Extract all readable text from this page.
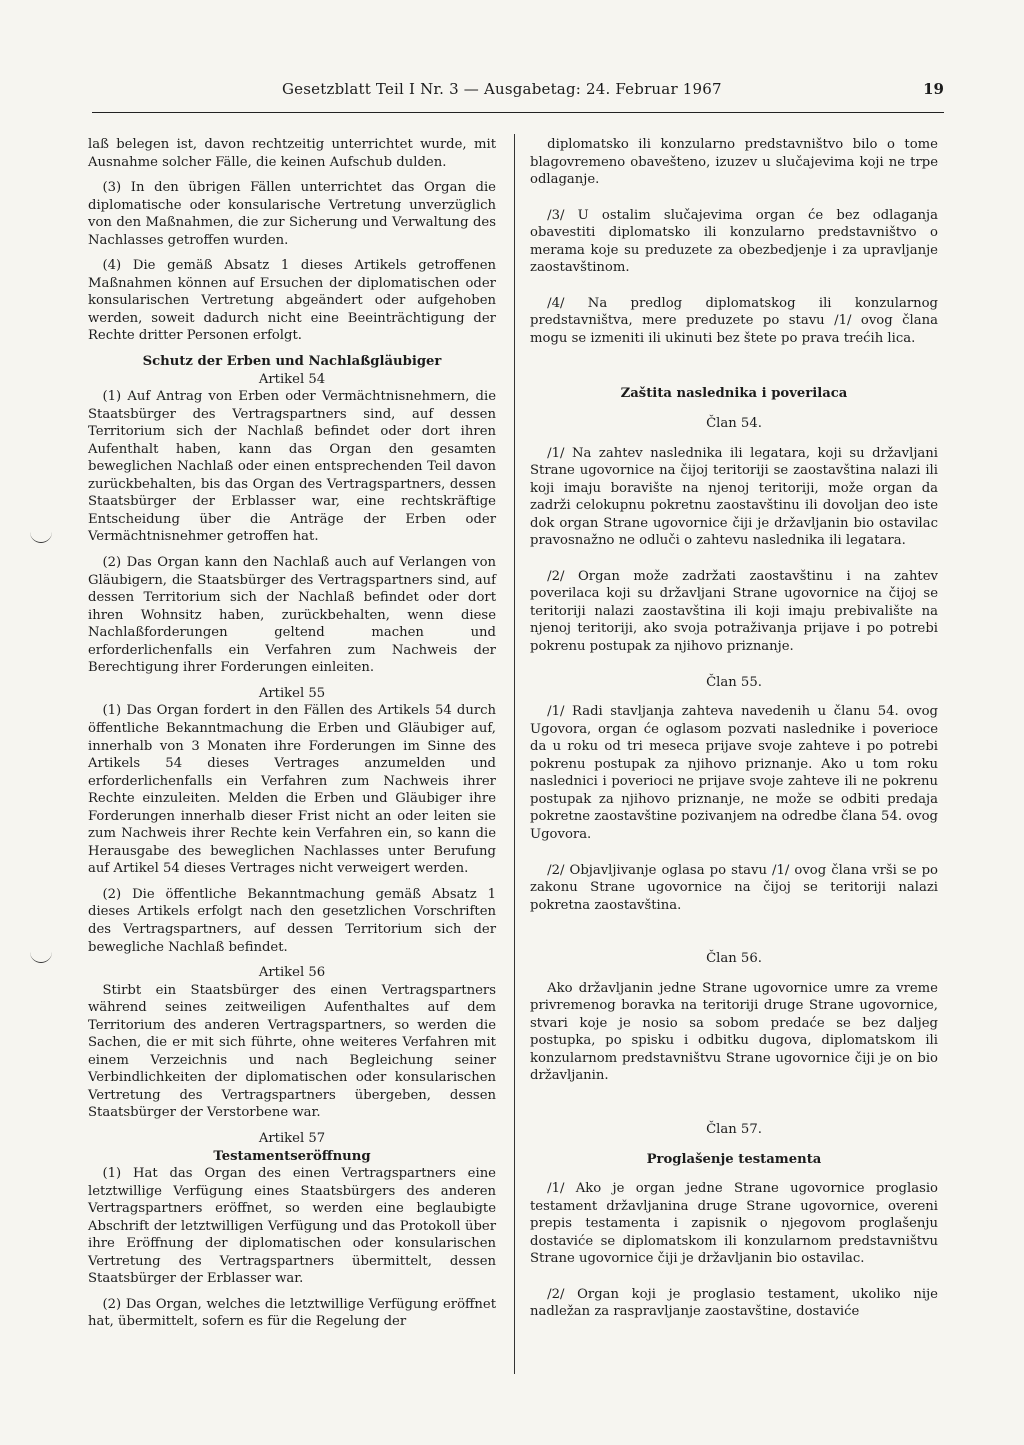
Gesetzblatt Teil I Nr. 3 — Ausgabetag: 24. Februar 1967	19

laß belegen ist, davon rechtzeitig unterrichtet wurde, mit Ausnahme solcher Fälle, die keinen Aufschub dulden.

(3) In den übrigen Fällen unterrichtet das Organ die diplomatische oder konsularische Vertretung unverzüglich von den Maßnahmen, die zur Sicherung und Verwaltung des Nachlasses getroffen wurden.

(4) Die gemäß Absatz 1 dieses Artikels getroffenen Maßnahmen können auf Ersuchen der diplomatischen oder konsularischen Vertretung abgeändert oder aufgehoben werden, soweit dadurch nicht eine Beeinträchtigung der Rechte dritter Personen erfolgt.

Schutz der Erben und Nachlaßgläubiger

Artikel 54

(1) Auf Antrag von Erben oder Vermächtnisnehmern, die Staatsbürger des Vertragspartners sind, auf dessen Territorium sich der Nachlaß befindet oder dort ihren Aufenthalt haben, kann das Organ den gesamten beweglichen Nachlaß oder einen entsprechenden Teil davon zurückbehalten, bis das Organ des Vertragspartners, dessen Staatsbürger der Erblasser war, eine rechtskräftige Entscheidung über die Anträge der Erben oder Vermächtnisnehmer getroffen hat.

(2) Das Organ kann den Nachlaß auch auf Verlangen von Gläubigern, die Staatsbürger des Vertragspartners sind, auf dessen Territorium sich der Nachlaß befindet oder dort ihren Wohnsitz haben, zurückbehalten, wenn diese Nachlaßforderungen geltend machen und erforderlichenfalls ein Verfahren zum Nachweis der Berechtigung ihrer Forderungen einleiten.

Artikel 55

(1) Das Organ fordert in den Fällen des Artikels 54 durch öffentliche Bekanntmachung die Erben und Gläubiger auf, innerhalb von 3 Monaten ihre Forderungen im Sinne des Artikels 54 dieses Vertrages anzumelden und erforderlichenfalls ein Verfahren zum Nachweis ihrer Rechte einzuleiten. Melden die Erben und Gläubiger ihre Forderungen innerhalb dieser Frist nicht an oder leiten sie zum Nachweis ihrer Rechte kein Verfahren ein, so kann die Herausgabe des beweglichen Nachlasses unter Berufung auf Artikel 54 dieses Vertrages nicht verweigert werden.

(2) Die öffentliche Bekanntmachung gemäß Absatz 1 dieses Artikels erfolgt nach den gesetzlichen Vorschriften des Vertragspartners, auf dessen Territorium sich der bewegliche Nachlaß befindet.

Artikel 56

Stirbt ein Staatsbürger des einen Vertragspartners während seines zeitweiligen Aufenthaltes auf dem Territorium des anderen Vertragspartners, so werden die Sachen, die er mit sich führte, ohne weiteres Verfahren mit einem Verzeichnis und nach Begleichung seiner Verbindlichkeiten der diplomatischen oder konsularischen Vertretung des Vertragspartners übergeben, dessen Staatsbürger der Verstorbene war.

Artikel 57

Testamentseröffnung

(1) Hat das Organ des einen Vertragspartners eine letztwillige Verfügung eines Staatsbürgers des anderen Vertragspartners eröffnet, so werden eine beglaubigte Abschrift der letztwilligen Verfügung und das Protokoll über ihre Eröffnung der diplomatischen oder konsularischen Vertretung des Vertragspartners übermittelt, dessen Staatsbürger der Erblasser war.

(2) Das Organ, welches die letztwillige Verfügung eröffnet hat, übermittelt, sofern es für die Regelung der

diplomatsko ili konzularno predstavništvo bilo o tome blagovremeno obavešteno, izuzev u slučajevima koji ne trpe odlaganje.

/3/ U ostalim slučajevima organ će bez odlaganja obavestiti diplomatsko ili konzularno predstavništvo o merama koje su preduzete za obezbedjenje i za upravljanje zaostavštinom.

/4/ Na predlog diplomatskog ili konzularnog predstavništva, mere preduzete po stavu /1/ ovog člana mogu se izmeniti ili ukinuti bez štete po prava trećih lica.

Zaštita naslednika i poverilaca

Član 54.

/1/ Na zahtev naslednika ili legatara, koji su državljani Strane ugovornice na čijoj teritoriji se zaostavština nalazi ili koji imaju boravište na njenoj teritoriji, može organ da zadrži celokupnu pokretnu zaostavštinu ili dovoljan deo iste dok organ Strane ugovornice čiji je državljanin bio ostavilac pravosnažno ne odluči o zahtevu naslednika ili legatara.

/2/ Organ može zadržati zaostavštinu i na zahtev poverilaca koji su državljani Strane ugovornice na čijoj se teritoriji nalazi zaostavština ili koji imaju prebivalište na njenoj teritoriji, ako svoja potraživanja prijave i po potrebi pokrenu postupak za njihovo priznanje.

Član 55.

/1/ Radi stavljanja zahteva navedenih u članu 54. ovog Ugovora, organ će oglasom pozvati naslednike i poverioce da u roku od tri meseca prijave svoje zahteve i po potrebi pokrenu postupak za njihovo priznanje. Ako u tom roku naslednici i poverioci ne prijave svoje zahteve ili ne pokrenu postupak za njihovo priznanje, ne može se odbiti predaja pokretne zaostavštine pozivanjem na odredbe člana 54. ovog Ugovora.

/2/ Objavljivanje oglasa po stavu /1/ ovog člana vrši se po zakonu Strane ugovornice na čijoj se teritoriji nalazi pokretna zaostavština.

Član 56.

Ako državljanin jedne Strane ugovornice umre za vreme privremenog boravka na teritoriji druge Strane ugovornice, stvari koje je nosio sa sobom predaće se bez daljeg postupka, po spisku i odbitku dugova, diplomatskom ili konzularnom predstavništvu Strane ugovornice čiji je on bio državljanin.

Član 57.

Proglašenje testamenta

/1/ Ako je organ jedne Strane ugovornice proglasio testament državljanina druge Strane ugovornice, overeni prepis testamenta i zapisnik o njegovom proglašenju dostaviće se diplomatskom ili konzularnom predstavništvu Strane ugovornice čiji je državljanin bio ostavilac.

/2/ Organ koji je proglasio testament, ukoliko nije nadležan za raspravljanje zaostavštine, dostaviće
